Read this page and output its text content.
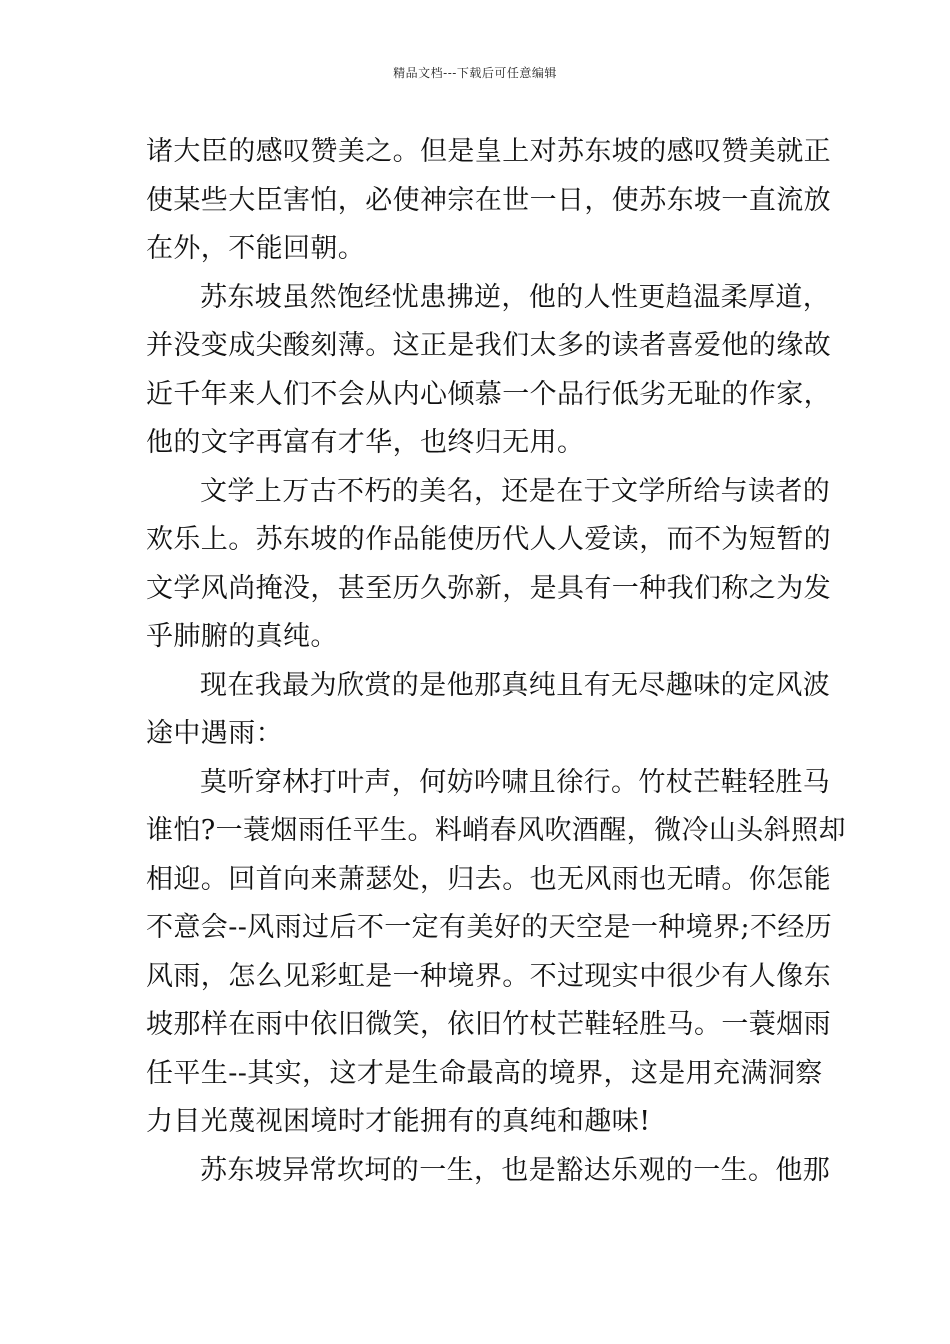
精品文档---下载后可任意编辑
诸大臣的感叹赞美之。但是皇上对苏东坡的感叹赞美就正
使某些大臣害怕，必使神宗在世一日，使苏东坡一直流放
在外，不能回朝。
苏东坡虽然饱经忧患拂逆，他的人性更趋温柔厚道，
并没变成尖酸刻薄。这正是我们太多的读者喜爱他的缘故
近千年来人们不会从内心倾慕一个品行低劣无耻的作家，
他的文字再富有才华，也终归无用。
文学上万古不朽的美名，还是在于文学所给与读者的
欢乐上。苏东坡的作品能使历代人人爱读，而不为短暂的
文学风尚掩没，甚至历久弥新，是具有一种我们称之为发
乎肺腑的真纯。
现在我最为欣赏的是他那真纯且有无尽趣味的定风波
途中遇雨：
莫听穿林打叶声，何妨吟啸且徐行。竹杖芒鞋轻胜马
谁怕?一蓑烟雨任平生。料峭春风吹酒醒，微冷山头斜照却
相迎。回首向来萧瑟处，归去。也无风雨也无晴。你怎能
不意会--风雨过后不一定有美好的天空是一种境界;不经历
风雨，怎么见彩虹是一种境界。不过现实中很少有人像东
坡那样在雨中依旧微笑，依旧竹杖芒鞋轻胜马。一蓑烟雨
任平生--其实，这才是生命最高的境界，这是用充满洞察
力目光蔑视困境时才能拥有的真纯和趣味!
苏东坡异常坎坷的一生，也是豁达乐观的一生。他那
